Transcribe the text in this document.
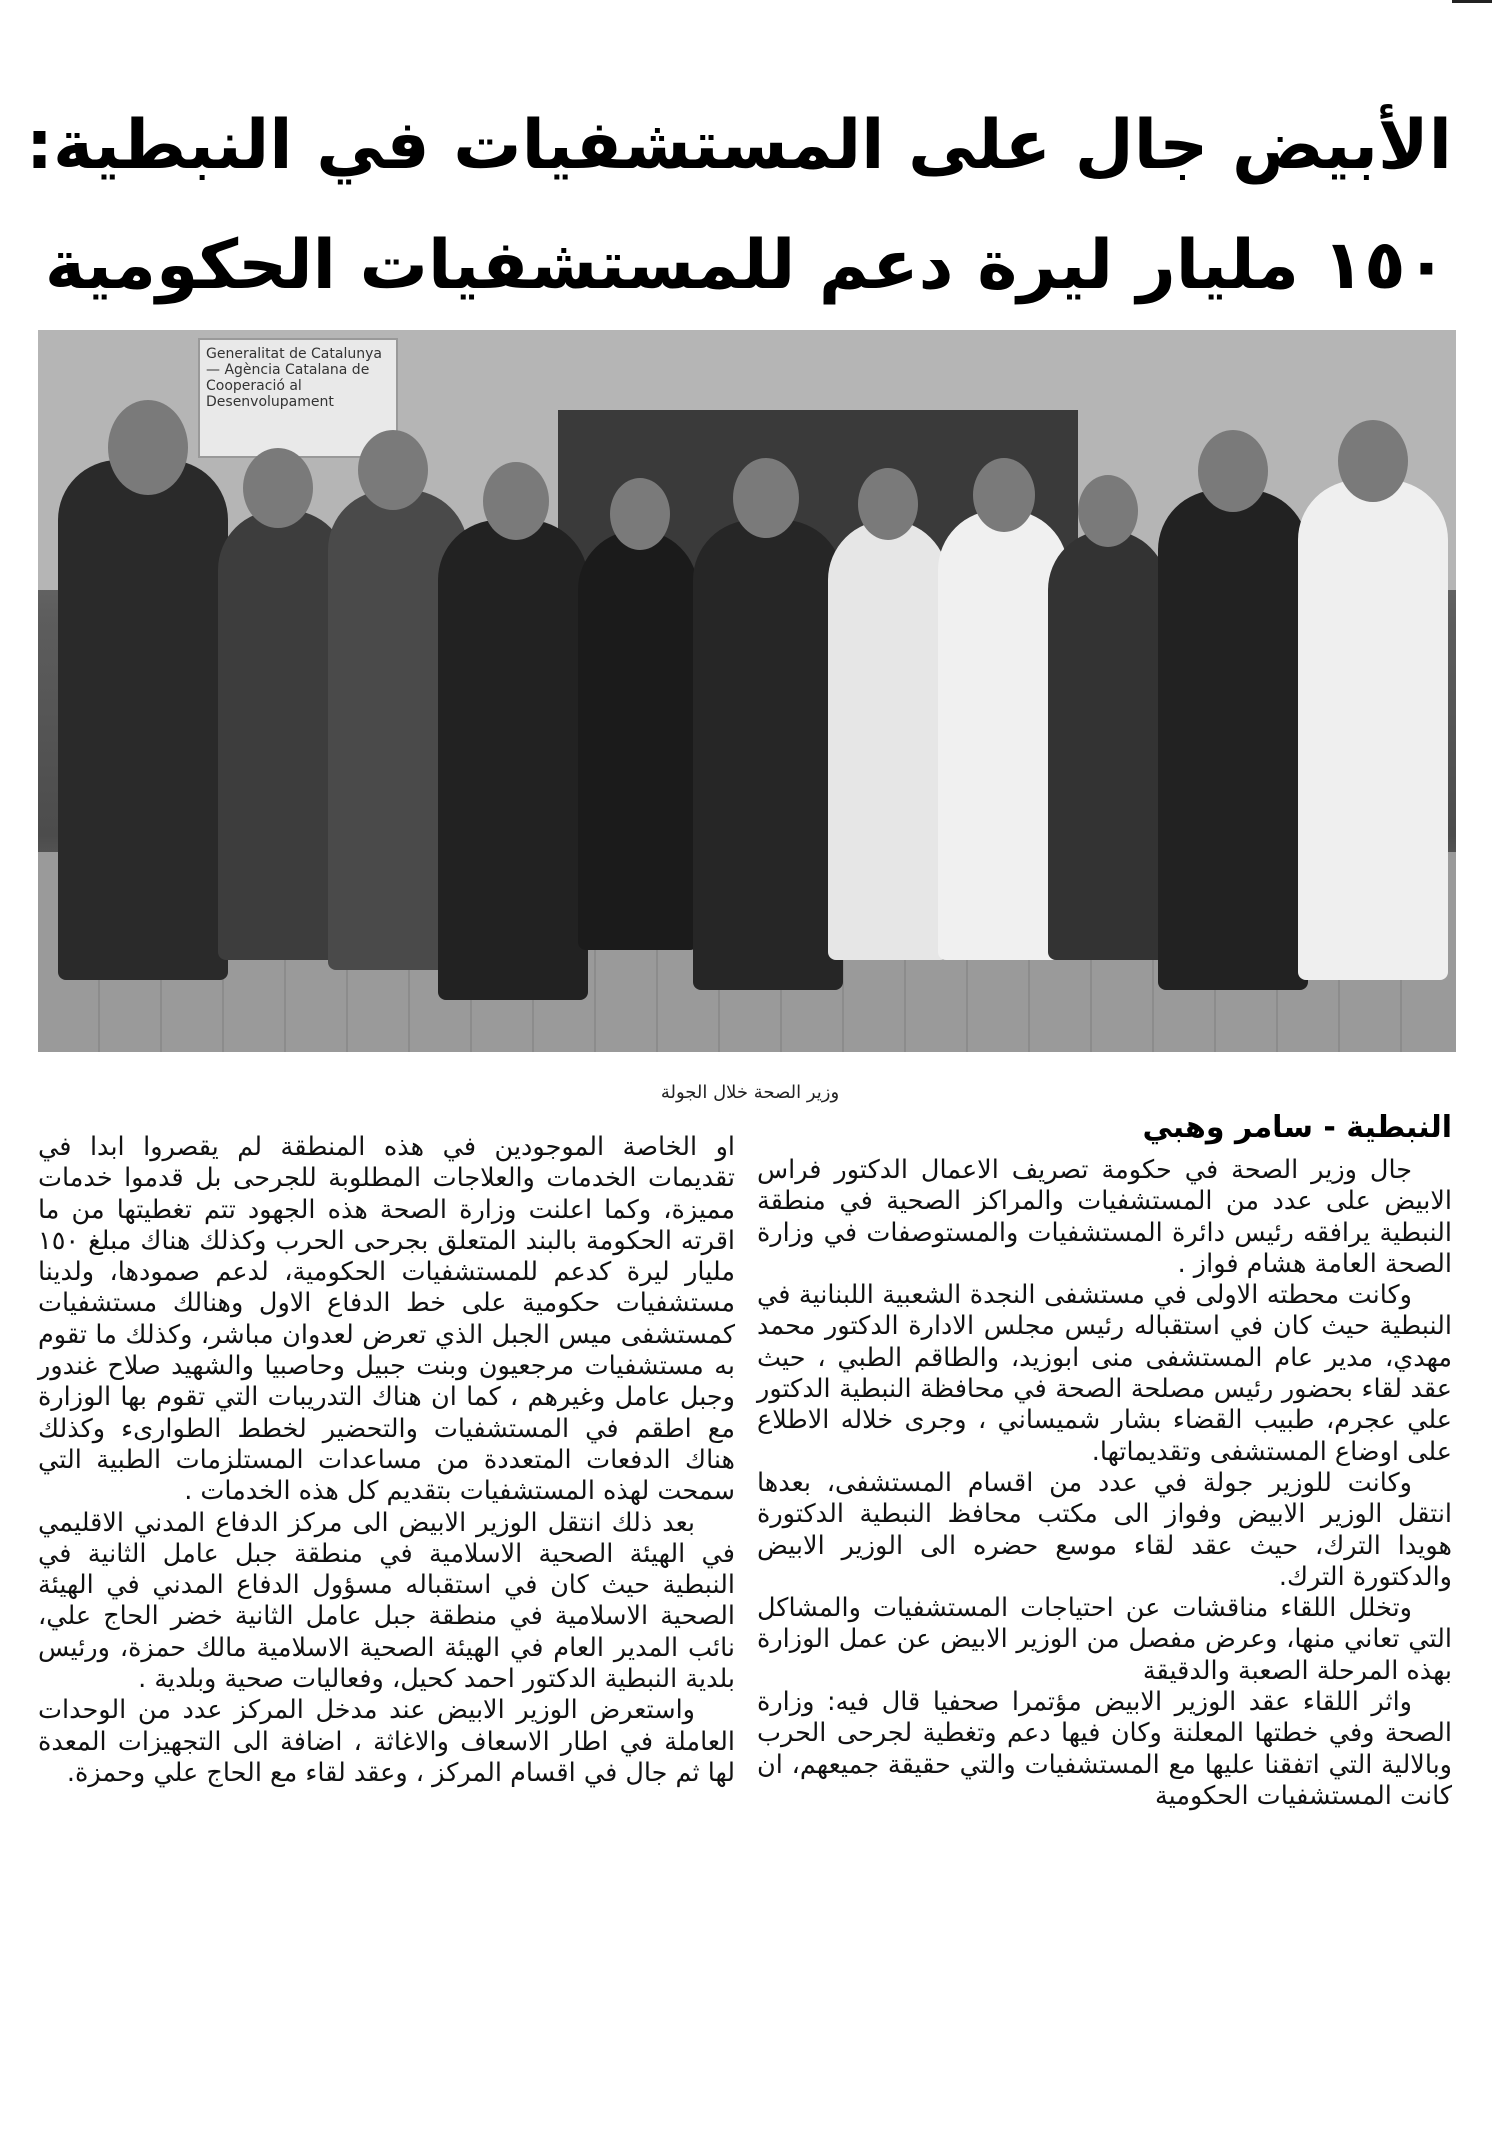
الأبيض جال على المستشفيات في النبطية:
١٥٠ مليار ليرة دعم للمستشفيات الحكومية
Generalitat de Catalunya — Agència Catalana de Cooperació al Desenvolupament
وزير الصحة خلال الجولة
النبطية - سامر وهبي

جال وزير الصحة في حكومة تصريف الاعمال الدكتور فراس الابيض على عدد من المستشفيات والمراكز الصحية في منطقة النبطية يرافقه رئيس دائرة المستشفيات والمستوصفات في وزارة الصحة العامة هشام فواز .

وكانت محطته الاولى في مستشفى النجدة الشعبية اللبنانية في النبطية حيث كان في استقباله رئيس مجلس الادارة الدكتور محمد مهدي، مدير عام المستشفى منى ابوزيد، والطاقم الطبي ، حيث عقد لقاء بحضور رئيس مصلحة الصحة في محافظة النبطية الدكتور علي عجرم، طبيب القضاء بشار شميساني ، وجرى خلاله الاطلاع على اوضاع المستشفى وتقديماتها.

وكانت للوزير جولة في عدد من اقسام المستشفى، بعدها انتقل الوزير الابيض وفواز الى مكتب محافظ النبطية الدكتورة هويدا الترك، حيث عقد لقاء موسع حضره الى الوزير الابيض والدكتورة الترك.

وتخلل اللقاء مناقشات عن احتياجات المستشفيات والمشاكل التي تعاني منها، وعرض مفصل من الوزير الابيض عن عمل الوزارة بهذه المرحلة الصعبة والدقيقة

واثر اللقاء عقد الوزير الابيض مؤتمرا صحفيا قال فيه: وزارة الصحة وفي خطتها المعلنة وكان فيها دعم وتغطية لجرحى الحرب وبالالية التي اتفقنا عليها مع المستشفيات والتي حقيقة جميعهم، ان كانت المستشفيات الحكومية

او الخاصة الموجودين في هذه المنطقة لم يقصروا ابدا في تقديمات الخدمات والعلاجات المطلوبة للجرحى بل قدموا خدمات مميزة، وكما اعلنت وزارة الصحة هذه الجهود تتم تغطيتها من ما اقرته الحكومة بالبند المتعلق بجرحى الحرب وكذلك هناك مبلغ ١٥٠ مليار ليرة كدعم للمستشفيات الحكومية، لدعم صمودها، ولدينا مستشفيات حكومية على خط الدفاع الاول وهنالك مستشفيات كمستشفى ميس الجبل الذي تعرض لعدوان مباشر، وكذلك ما تقوم به مستشفيات مرجعيون وبنت جبيل وحاصبيا والشهيد صلاح غندور وجبل عامل وغيرهم ، كما ان هناك التدريبات التي تقوم بها الوزارة مع اطقم في المستشفيات والتحضير لخطط الطوارىء وكذلك هناك الدفعات المتعددة من مساعدات المستلزمات الطبية التي سمحت لهذه المستشفيات بتقديم كل هذه الخدمات .

بعد ذلك انتقل الوزير الابيض الى مركز الدفاع المدني الاقليمي في الهيئة الصحية الاسلامية في منطقة جبل عامل الثانية في النبطية حيث كان في استقباله مسؤول الدفاع المدني في الهيئة الصحية الاسلامية في منطقة جبل عامل الثانية خضر الحاج علي، نائب المدير العام في الهيئة الصحية الاسلامية مالك حمزة، ورئيس بلدية النبطية الدكتور احمد كحيل، وفعاليات صحية وبلدية .

واستعرض الوزير الابيض عند مدخل المركز عدد من الوحدات العاملة في اطار الاسعاف والاغاثة ، اضافة الى التجهيزات المعدة لها ثم جال في اقسام المركز ، وعقد لقاء مع الحاج علي وحمزة.
